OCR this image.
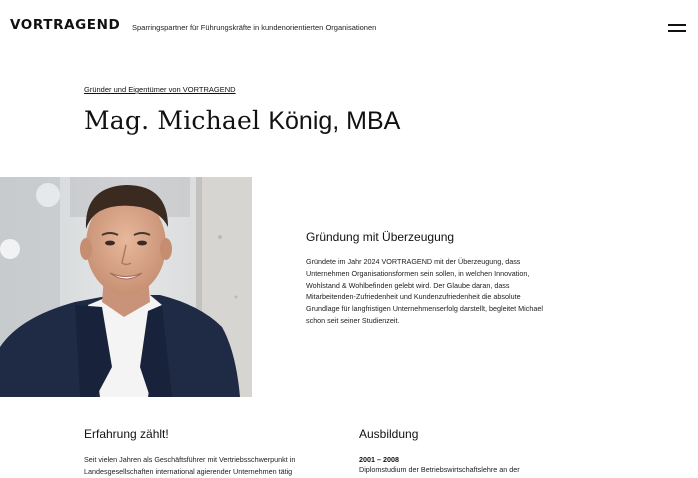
VORTRAGEND Sparringspartner für Führungskräfte in kundenorientierten Organisationen
Gründer und Eigentümer von VORTRAGEND
Mag. Michael König, MBA
Gründung mit Überzeugung
Gründete im Jahr 2024 VORTRAGEND mit der Überzeugung, dass Unternehmen Organisationsformen sein sollen, in welchen Innovation, Wohlstand & Wohlbefinden gelebt wird. Der Glaube daran, dass Mitarbeitenden-Zufriedenheit und Kundenzufriedenheit die absolute Grundlage für langfristigen Unternehmenserfolg darstellt, begleitet Michael schon seit seiner Studienzeit.
Erfahrung zählt!
Seit vielen Jahren als Geschäftsführer mit Vertriebsschwerpunkt in Landesgesellschaften international agierender Unternehmen tätig
Ausbildung
2001 – 2008
Diplomstudium der Betriebswirtschaftslehre an der
